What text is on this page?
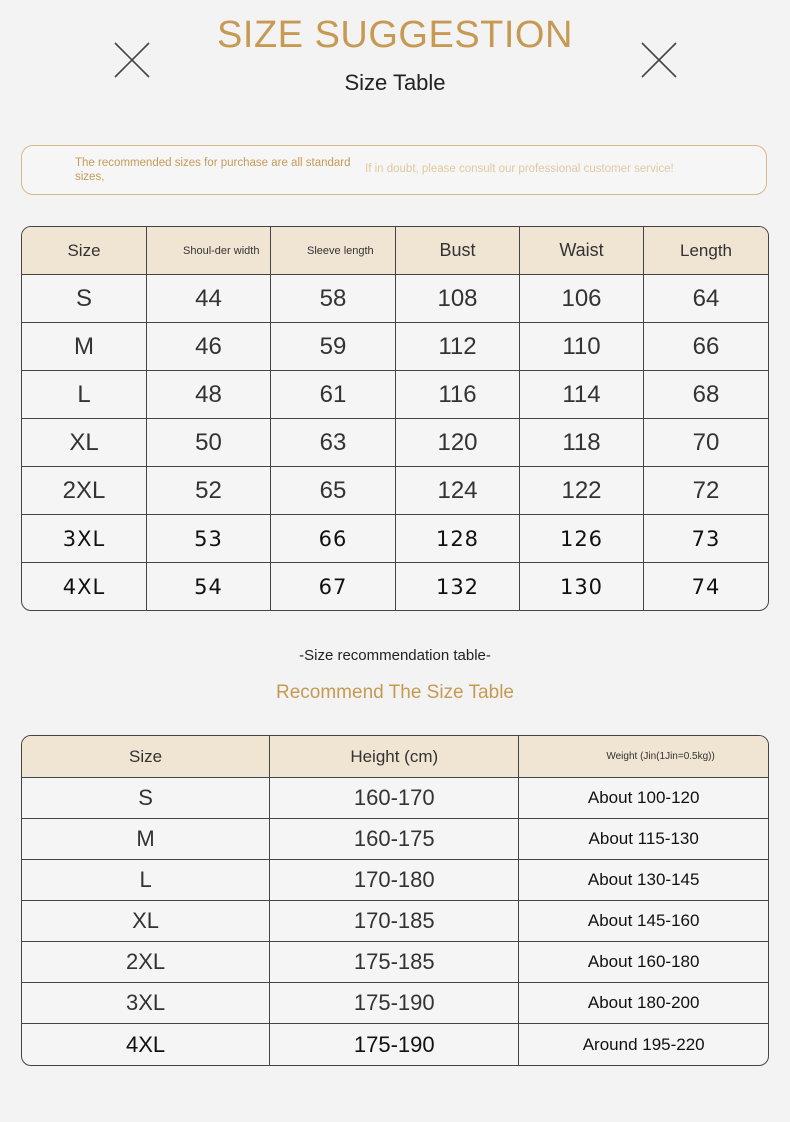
SIZE SUGGESTION
Size Table
The recommended sizes for purchase are all standard sizes,
If in doubt, please consult our professional customer service!
Size	Shoul-der width	Sleeve length	Bust	Waist	Length
S	44	58	108	106	64
M	46	59	112	110	66
L	48	61	116	114	68
XL	50	63	120	118	70
2XL	52	65	124	122	72
3XL	53	66	128	126	73
4XL	54	67	132	130	74
-Size recommendation table-
Recommend The Size Table
Size	Height (cm)	Weight (Jin(1Jin=0.5kg))
S	160-170	About 100-120
M	160-175	About 115-130
L	170-180	About 130-145
XL	170-185	About 145-160
2XL	175-185	About 160-180
3XL	175-190	About 180-200
4XL	175-190	Around 195-220
